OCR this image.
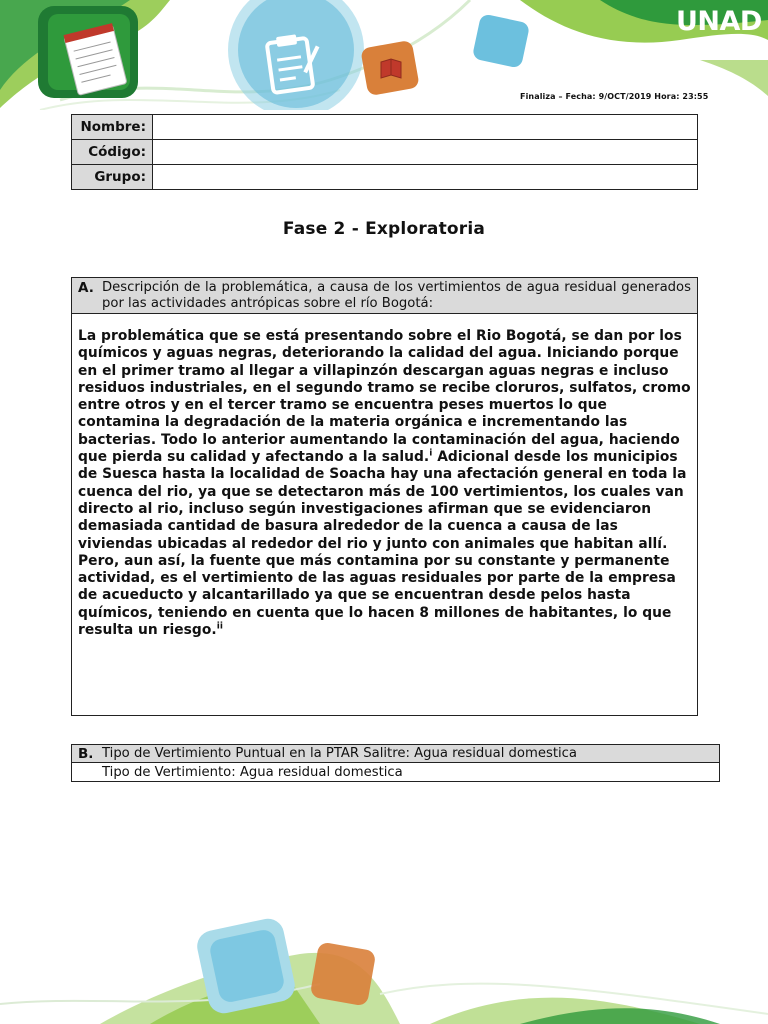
UNAD
Universidad Nacional
Abierta y a Distancia
Finaliza – Fecha: 9/OCT/2019 Hora: 23:55
Nombre:	
Código:	
Grupo:	
Fase 2 - Exploratoria
A. Descripción de la problemática, a causa de los vertimientos de agua residual generados por las actividades antrópicas sobre el río Bogotá:
La problemática que se está presentando sobre el Rio Bogotá, se dan por los químicos y aguas negras, deteriorando la calidad del agua. Iniciando porque en el primer tramo al llegar a villapinzón descargan aguas negras e incluso residuos industriales, en el segundo tramo se recibe cloruros, sulfatos, cromo entre otros y en el tercer tramo se encuentra peses muertos lo que contamina la degradación de la materia orgánica e incrementando las bacterias. Todo lo anterior aumentando la contaminación del agua, haciendo que pierda su calidad y afectando a la salud.$^i$ Adicional desde los municipios de Suesca hasta la localidad de Soacha hay una afectación general en toda la cuenca del rio, ya que se detectaron más de 100 vertimientos, los cuales van directo al rio, incluso según investigaciones afirman que se evidenciaron demasiada cantidad de basura alrededor de la cuenca a causa de las viviendas ubicadas al rededor del rio y junto con animales que habitan allí. Pero, aun así, la fuente que más contamina por su constante y permanente actividad, es el vertimiento de las aguas residuales por parte de la empresa de acueducto y alcantarillado ya que se encuentran desde pelos hasta químicos, teniendo en cuenta que lo hacen 8 millones de habitantes, lo que resulta un riesgo.$^{ii}$
B. Tipo de Vertimiento Puntual en la PTAR Salitre: Agua residual domestica
Tipo de Vertimiento: Agua residual domestica
